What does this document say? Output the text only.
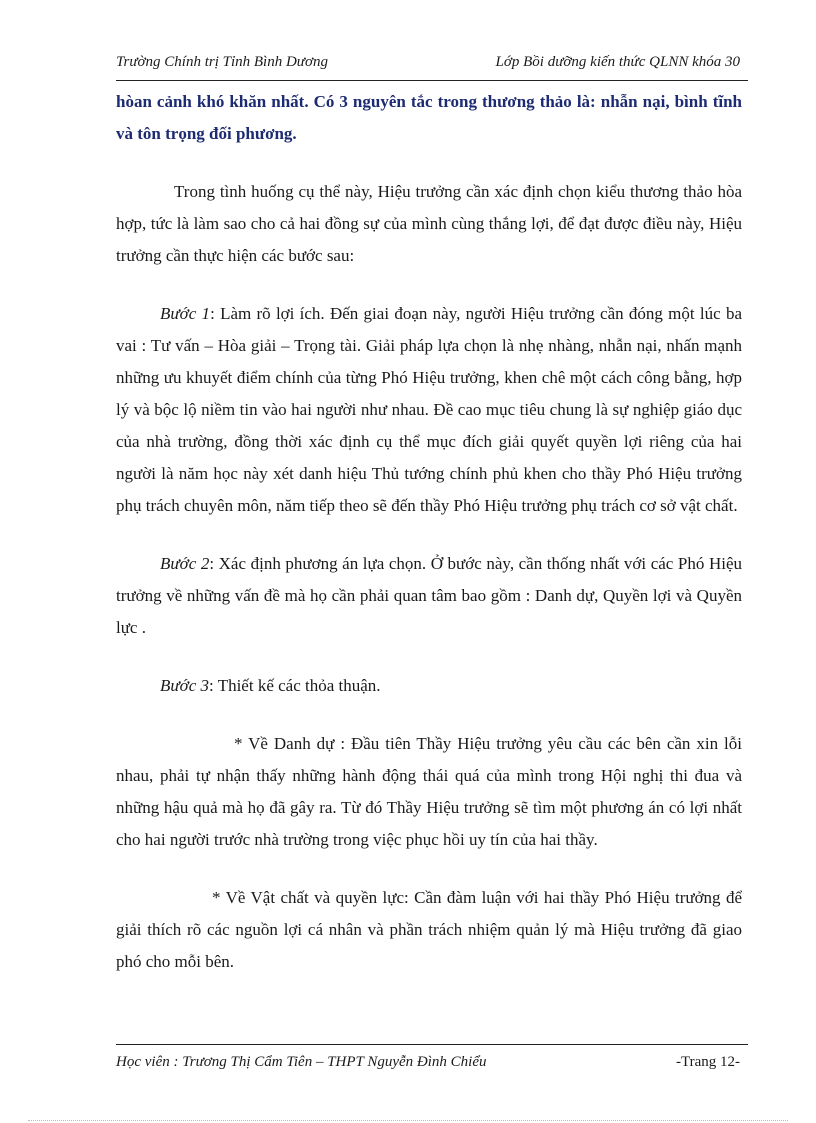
Trường Chính trị Tỉnh Bình Dương	Lớp Bồi dưỡng kiến thức QLNN khóa 30

hòan cảnh khó khăn nhất. Có 3 nguyên tắc trong thương thảo là: nhẫn nại, bình tĩnh và tôn trọng đối phương.

Trong tình huống cụ thể này, Hiệu trưởng cần xác định chọn kiểu thương thảo hòa hợp, tức là làm sao cho cả hai đồng sự của mình cùng thắng lợi, để đạt được điều này, Hiệu trưởng cần thực hiện các bước sau:

Bước 1: Làm rõ lợi ích. Đến giai đoạn này, người Hiệu trưởng cần đóng một lúc ba vai : Tư vấn – Hòa giải – Trọng tài. Giải pháp lựa chọn là nhẹ nhàng, nhẫn nại, nhấn mạnh những ưu khuyết điểm chính của từng Phó Hiệu trưởng, khen chê một cách công bằng, hợp lý và bộc lộ niềm tin vào hai người như nhau. Đề cao mục tiêu chung là sự nghiệp giáo dục của nhà trường, đồng thời xác định cụ thể mục đích giải quyết quyền lợi riêng của hai người là năm học này xét danh hiệu Thủ tướng chính phủ khen cho thầy Phó Hiệu trưởng phụ trách chuyên môn, năm tiếp theo sẽ đến thầy Phó Hiệu trưởng phụ trách cơ sở vật chất.

Bước 2: Xác định phương án lựa chọn. Ở bước này, cần thống nhất với các Phó Hiệu trưởng về những vấn đề mà họ cần phải quan tâm bao gồm : Danh dự, Quyền lợi và Quyền lực .

Bước 3: Thiết kế các thỏa thuận.

* Về Danh dự : Đầu tiên Thầy Hiệu trưởng yêu cầu các bên cần xin lỗi nhau, phải tự nhận thấy những hành động thái quá của mình trong Hội nghị thi đua và những hậu quả mà họ đã gây ra. Từ đó Thầy Hiệu trưởng sẽ tìm một phương án có lợi nhất cho hai người trước nhà trường trong việc phục hồi uy tín của hai thầy.

* Về Vật chất và quyền lực: Cần đàm luận với hai thầy Phó Hiệu trưởng để giải thích rõ các nguồn lợi cá nhân và phần trách nhiệm quản lý mà Hiệu trưởng đã giao phó cho mỗi bên.

Học viên : Trương Thị Cẩm Tiên – THPT Nguyễn Đình Chiểu	-Trang 12-
